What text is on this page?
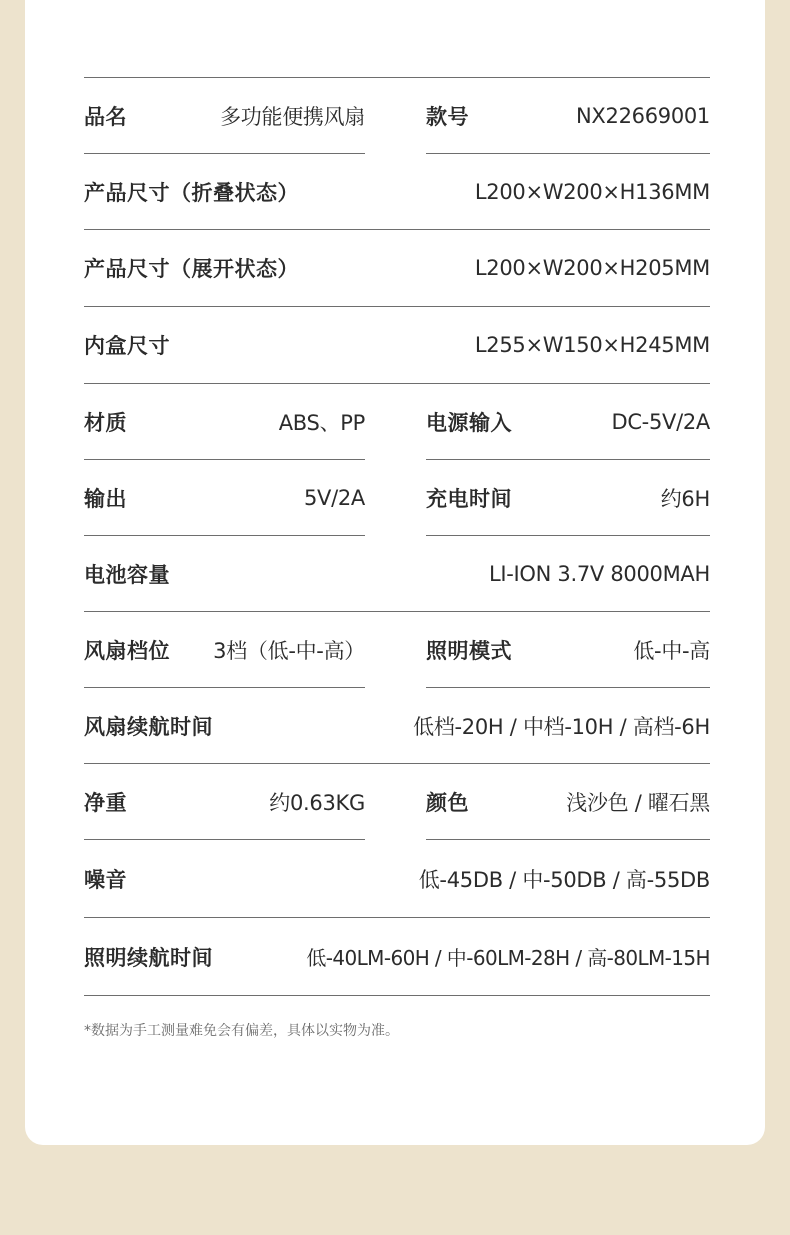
品名	多功能便携风扇	款号	NX22669001
产品尺寸（折叠状态）	L200×W200×H136MM
产品尺寸（展开状态）	L200×W200×H205MM
内盒尺寸	L255×W150×H245MM
材质	ABS、PP	电源输入	DC-5V/2A
输出	5V/2A	充电时间	约6H
电池容量	LI-ION 3.7V 8000MAH
风扇档位 3档（低-中-高）	照明模式	低-中-高
风扇续航时间	低档-20H / 中档-10H / 高档-6H
净重	约0.63KG	颜色	浅沙色 / 曜石黑
噪音	低-45DB / 中-50DB / 高-55DB
照明续航时间	低-40LM-60H / 中-60LM-28H / 高-80LM-15H
*数据为手工测量难免会有偏差，具体以实物为准。
